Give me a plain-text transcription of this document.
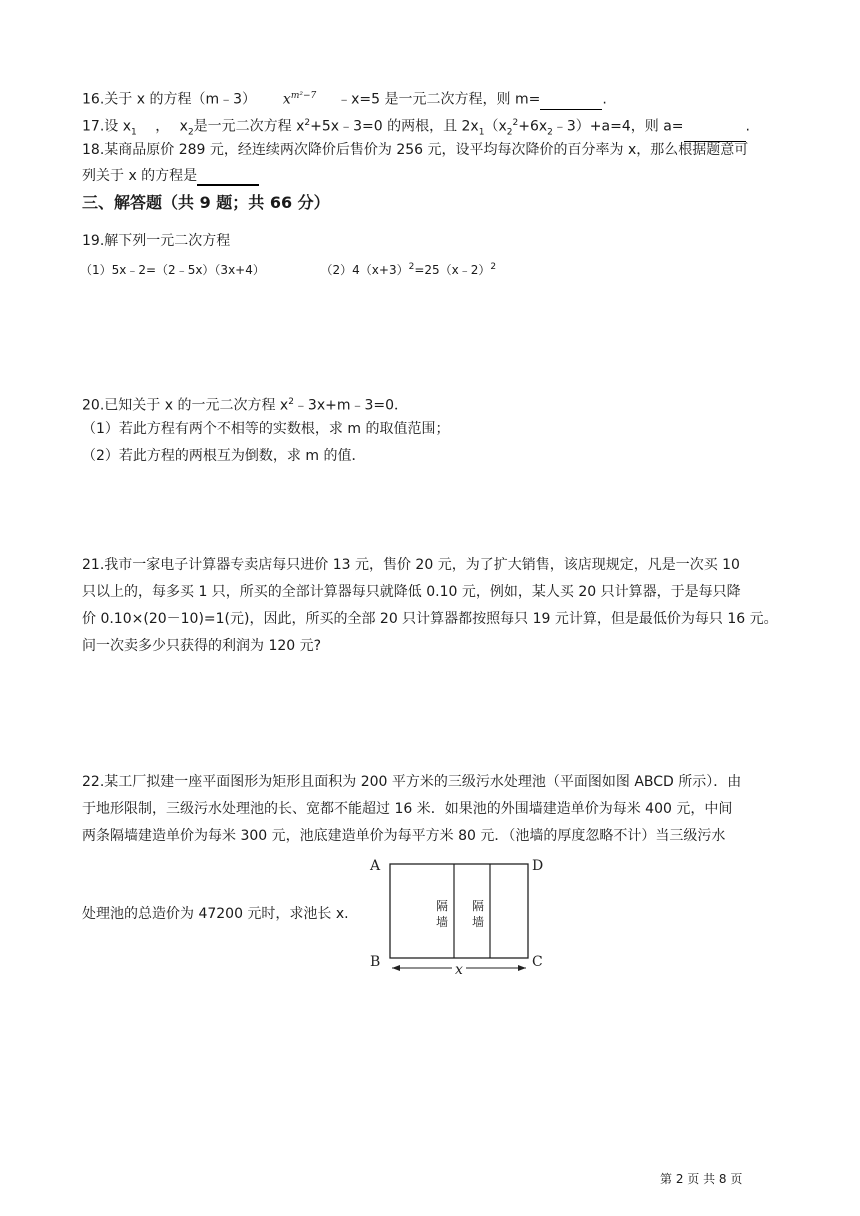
16.关于 x 的方程（m﹣3） $x^{m^2-7}$ ﹣x=5 是一元二次方程，则 m=	.
17.设 $x_1$ ， $x_2$是一元二次方程 $x^2+5x﹣3=0$ 的两根，且 $2x_1(x_2^2+6x_2﹣3)+a=4$，则 a=	.
18.某商品原价 289 元，经连续两次降价后售价为 256 元，设平均每次降价的百分率为 x，那么根据题意可
列关于 x 的方程是
三、解答题（共 9 题；共 66 分）
19.解下列一元二次方程
（1）5x﹣2=（2﹣5x）（3x+4）	$(2)4(x+3)^2=25(x﹣2)^2$
20.已知关于 x 的一元二次方程 $x^2﹣3x+m﹣3=0$．
（1）若此方程有两个不相等的实数根，求 m 的取值范围；
（2）若此方程的两根互为倒数，求 m 的值．
21.我市一家电子计算器专卖店每只进价 13 元，售价 20 元，为了扩大销售，该店现规定，凡是一次买 10
只以上的，每多买 1 只，所买的全部计算器每只就降低 0.10 元，例如，某人买 20 只计算器，于是每只降
价 0.10×(20－10)=1(元)，因此，所买的全部 20 只计算器都按照每只 19 元计算，但是最低价为每只 16 元。
问一次卖多少只获得的利润为 120 元?
22.某工厂拟建一座平面图形为矩形且面积为 200 平方米的三级污水处理池（平面图如图 ABCD 所示）．由
于地形限制，三级污水处理池的长、宽都不能超过 16 米．如果池的外围墙建造单价为每米 400 元，中间
两条隔墙建造单价为每米 300 元，池底建造单价为每平方米 80 元．（池墙的厚度忽略不计）当三级污水
处理池的总造价为 47200 元时，求池长 x.
A	D
B	C
隔
墙
隔
墙
x
第 2 页 共 8 页
